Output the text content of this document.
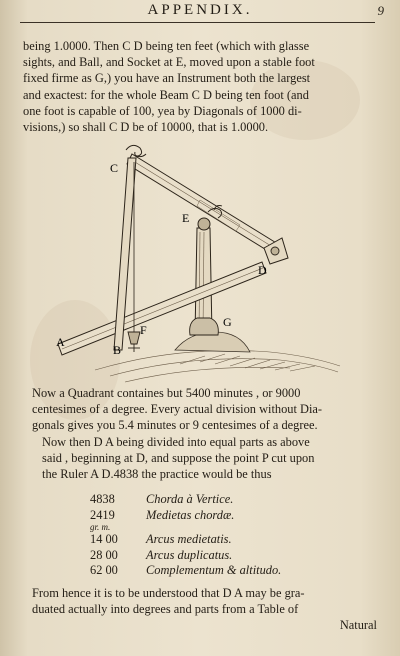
APPENDIX.	9
being 1.0000. Then C D being ten feet (which with glasse
sights, and Ball, and Socket at E, moved upon a stable foot
fixed firme as G,) you have an Instrument both the largest
and exactest: for the whole Beam C D being ten foot (and
one foot is capable of 100, yea by Diagonals of 1000 di-
visions,) so shall C D be of 10000, that is 1.0000.
C
E
D
A
F
B
G
Now a Quadrant containes but 5400 minutes , or 9000
centesimes of a degree. Every actual division without Dia-
gonals gives you 5.4 minutes or 9 centesimes of a degree.
Now then D A being divided into equal parts as above
said , beginning at D, and suppose the point P cut upon
the Ruler A D.4838 the practice would be thus
4838	Chorda à Vertice.
2419	Medietas chordæ.
gr. m.
14 00	Arcus medietatis.
28 00	Arcus duplicatus.
62 00	Complementum & altitudo.
From hence it is to be understood that D A may be gra-
duated actually into degrees and parts from a Table of
Natural
